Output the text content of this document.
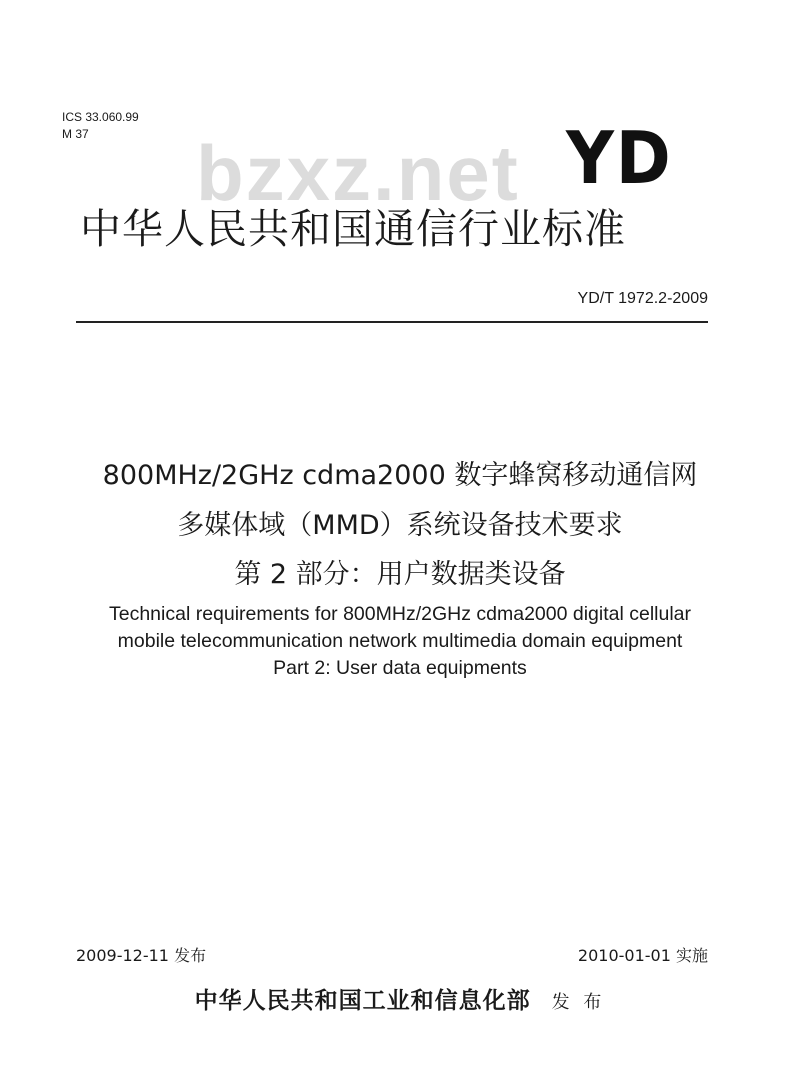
ICS 33.060.99
M 37	bzxz.net YD
中华人民共和国通信行业标准
YD/T 1972.2-2009
800MHz/2GHz cdma2000 数字蜂窝移动通信网
多媒体域（MMD）系统设备技术要求
第 2 部分：用户数据类设备
Technical requirements for 800MHz/2GHz cdma2000 digital cellular
mobile telecommunication network multimedia domain equipment
Part 2: User data equipments
2009-12-11 发布	2010-01-01 实施
中华人民共和国工业和信息化部 发 布
